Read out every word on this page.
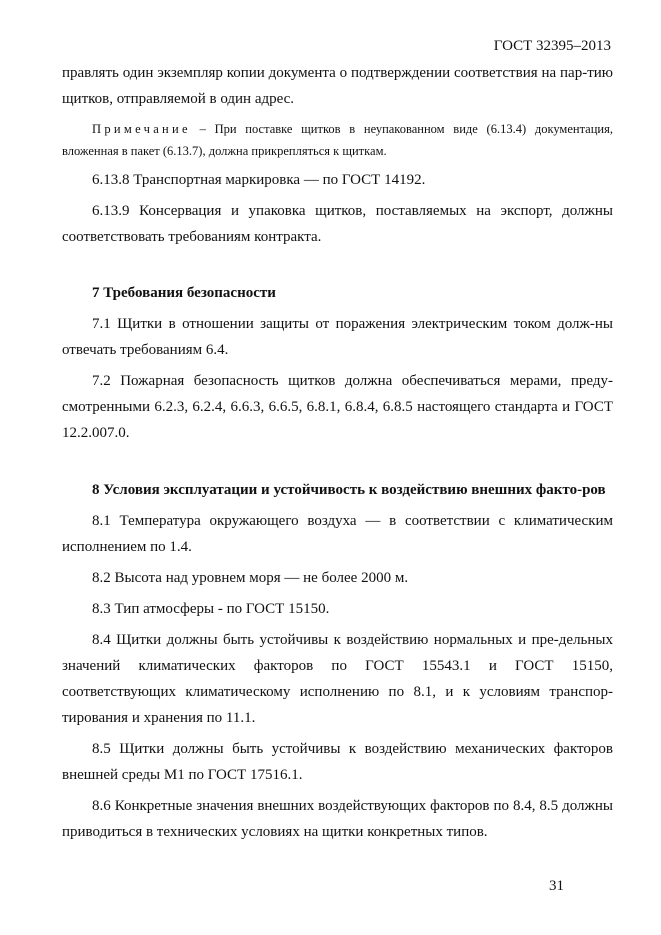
ГОСТ 32395–2013

правлять один экземпляр копии документа о подтверждении соответствия на пар-тию щитков, отправляемой в один адрес.

Примечание – При поставке щитков в неупакованном виде (6.13.4) документация, вложенная в пакет (6.13.7), должна прикрепляться к щиткам.

6.13.8 Транспортная маркировка — по ГОСТ 14192.

6.13.9 Консервация и упаковка щитков, поставляемых на экспорт, должны соответствовать требованиям контракта.

7 Требования безопасности

7.1 Щитки в отношении защиты от поражения электрическим током долж-ны отвечать требованиям 6.4.

7.2 Пожарная безопасность щитков должна обеспечиваться мерами, преду-смотренными 6.2.3, 6.2.4, 6.6.3, 6.6.5, 6.8.1, 6.8.4, 6.8.5 настоящего стандарта и ГОСТ 12.2.007.0.

8 Условия эксплуатации и устойчивость к воздействию внешних факто-ров

8.1 Температура окружающего воздуха — в соответствии с климатическим исполнением по 1.4.

8.2 Высота над уровнем моря — не более 2000 м.

8.3 Тип атмосферы - по ГОСТ 15150.

8.4 Щитки должны быть устойчивы к воздействию нормальных и пре-дельных значений климатических факторов по ГОСТ 15543.1 и ГОСТ 15150, соответствующих климатическому исполнению по 8.1, и к условиям транспор-тирования и хранения по 11.1.

8.5 Щитки должны быть устойчивы к воздействию механических факторов внешней среды М1 по ГОСТ 17516.1.

8.6 Конкретные значения внешних воздействующих факторов по 8.4, 8.5 должны приводиться в технических условиях на щитки конкретных типов.

31
